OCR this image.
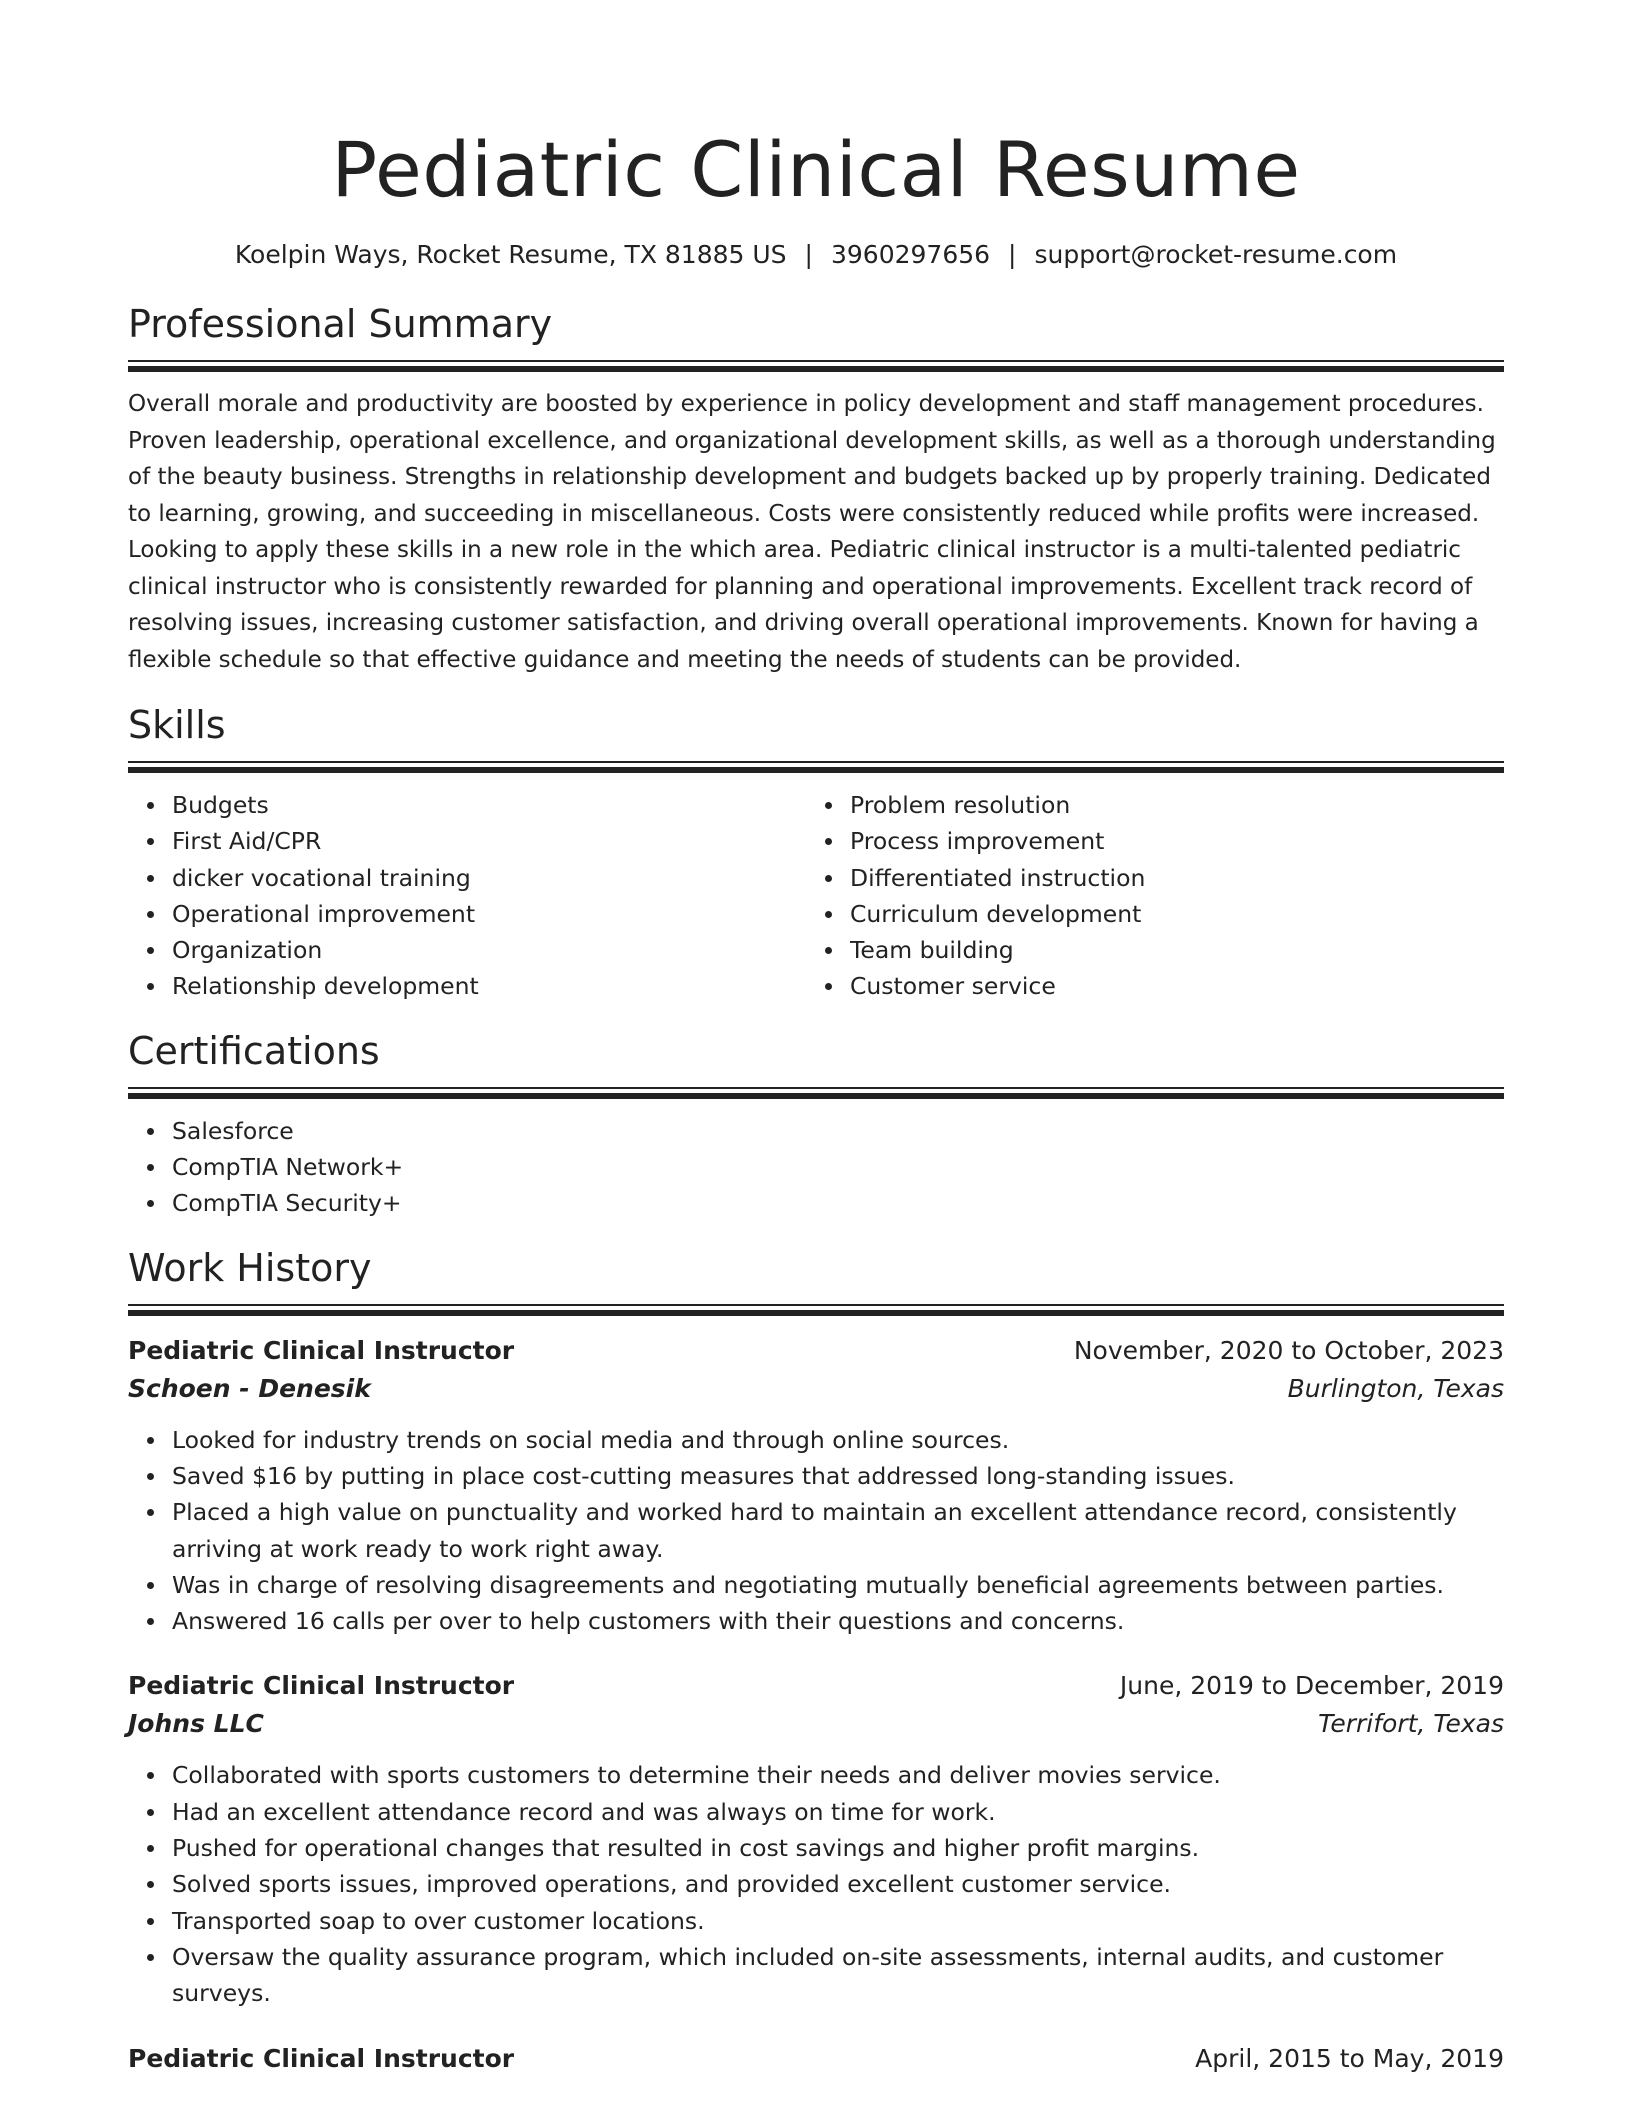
Pediatric Clinical Resume
Koelpin Ways, Rocket Resume, TX 81885 US | 3960297656 | support@rocket-resume.com
Professional Summary

Overall morale and productivity are boosted by experience in policy development and staff management procedures. Proven leadership, operational excellence, and organizational development skills, as well as a thorough understanding of the beauty business. Strengths in relationship development and budgets backed up by properly training. Dedicated to learning, growing, and succeeding in miscellaneous. Costs were consistently reduced while profits were increased. Looking to apply these skills in a new role in the which area. Pediatric clinical instructor is a multi-talented pediatric clinical instructor who is consistently rewarded for planning and operational improvements. Excellent track record of resolving issues, increasing customer satisfaction, and driving overall operational improvements. Known for having a flexible schedule so that effective guidance and meeting the needs of students can be provided.

Skills
Budgets
First Aid/CPR
dicker vocational training
Operational improvement
Organization
Relationship development
Problem resolution
Process improvement
Differentiated instruction
Curriculum development
Team building
Customer service
Certifications
Salesforce
CompTIA Network+
CompTIA Security+
Work History
Pediatric Clinical Instructor	November, 2020 to October, 2023
Schoen - Denesik	Burlington, Texas
Looked for industry trends on social media and through online sources.
Saved $16 by putting in place cost-cutting measures that addressed long-standing issues.
Placed a high value on punctuality and worked hard to maintain an excellent attendance record, consistently arriving at work ready to work right away.
Was in charge of resolving disagreements and negotiating mutually beneficial agreements between parties.
Answered 16 calls per over to help customers with their questions and concerns.
Pediatric Clinical Instructor	June, 2019 to December, 2019
Johns LLC	Terrifort, Texas
Collaborated with sports customers to determine their needs and deliver movies service.
Had an excellent attendance record and was always on time for work.
Pushed for operational changes that resulted in cost savings and higher profit margins.
Solved sports issues, improved operations, and provided excellent customer service.
Transported soap to over customer locations.
Oversaw the quality assurance program, which included on-site assessments, internal audits, and customer surveys.
Pediatric Clinical Instructor	April, 2015 to May, 2019
